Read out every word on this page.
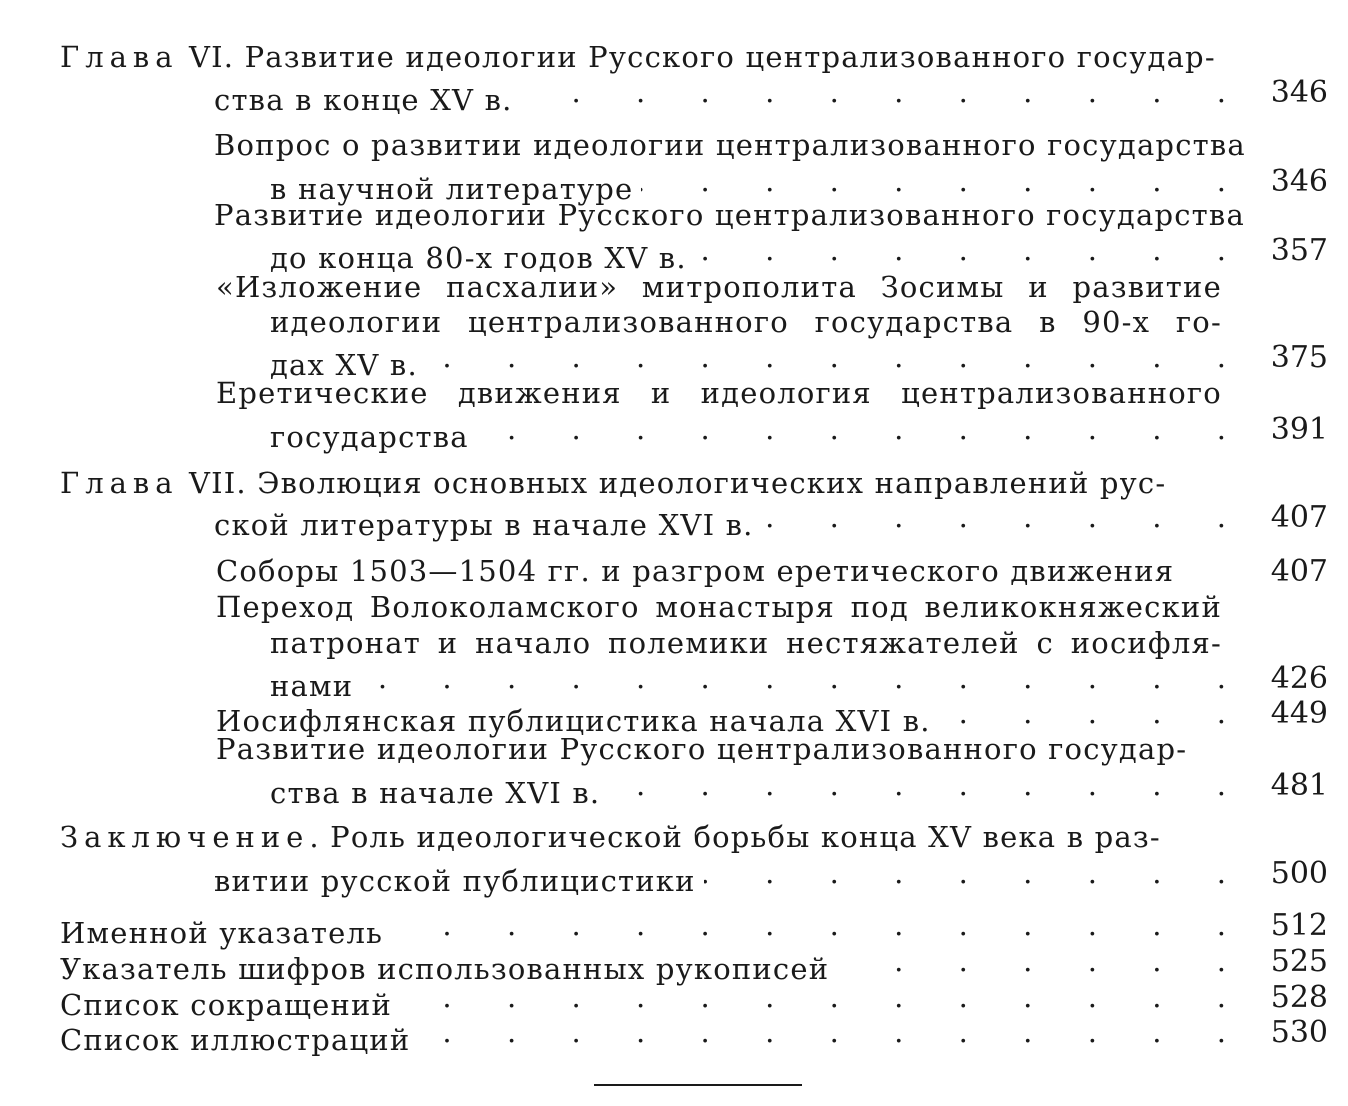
Глава VI. Развитие идеологии Русского централизованного государ-
ства в конце XV в. .	346
Вопрос о развитии идеологии централизованного государства
в научной литературе .	346
Развитие идеологии Русского централизованного государства
до конца 80-х годов XV в. .	357
«Изложение пасхалии» митрополита Зосимы и развитие
идеологии централизованного государства в 90-х го-
дах XV в. .	375
Еретические движения и идеология централизованного
государства .	391
Глава VII. Эволюция основных идеологических направлений рус-
ской литературы в начале XVI в. .	407
Соборы 1503—1504 гг. и разгром еретического движения	407
Переход Волоколамского монастыря под великокняжеский
патронат и начало полемики нестяжателей с иосифля-
нами .	426
Иосифлянская публицистика начала XVI в. .	449
Развитие идеологии Русского централизованного государ-
ства в начале XVI в. .	481
Заключение. Роль идеологической борьбы конца XV века в раз-
витии русской публицистики .	500
Именной указатель .	512
Указатель шифров использованных рукописей .	525
Список сокращений .	528
Список иллюстраций .	530
